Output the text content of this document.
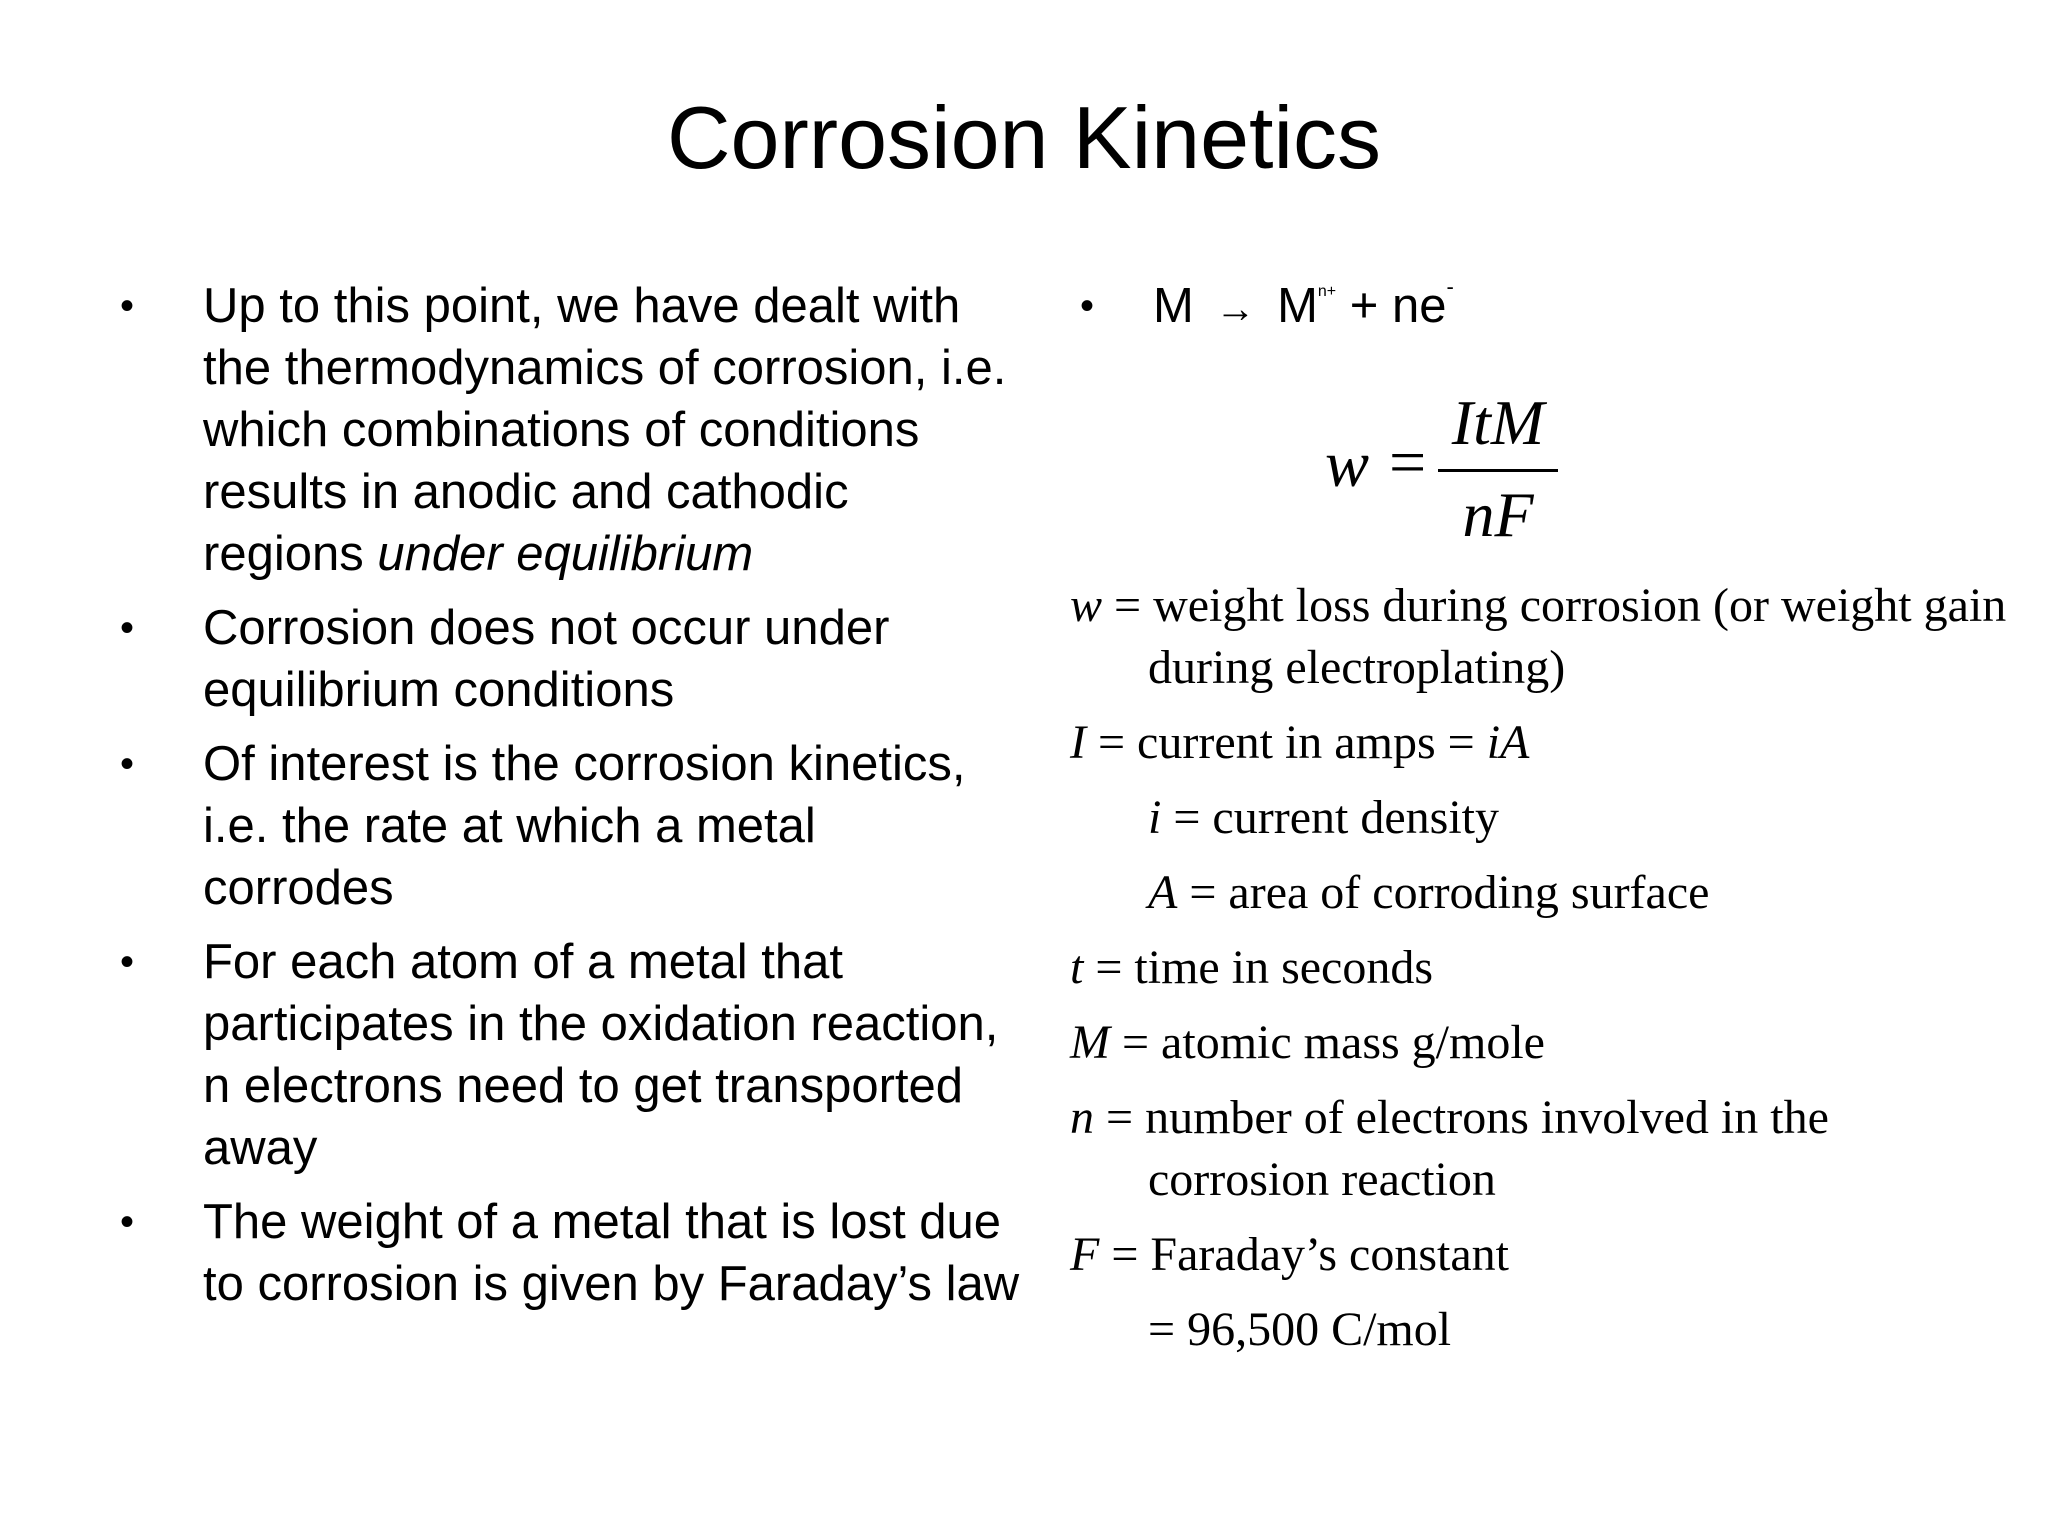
Corrosion Kinetics
•	Up to this point, we have dealt with the thermodynamics of corrosion, i.e. which combinations of conditions results in anodic and cathodic regions under equilibrium
•	Corrosion does not occur under equilibrium conditions
•	Of interest is the corrosion kinetics, i.e. the rate at which a metal corrodes
•	For each atom of a metal that participates in the oxidation reaction, n electrons need to get transported away
•	The weight of a metal that is lost due to corrosion is given by Faraday’s law
•	$M \to M^{n+} + ne^-$
w =
ItM
nF
w = weight loss during corrosion (or weight gain during electroplating)
I = current in amps = iA
i = current density
A = area of corroding surface
t = time in seconds
M = atomic mass g/mole
n = number of electrons involved in the corrosion reaction
F = Faraday’s constant
= 96,500 C/mol
